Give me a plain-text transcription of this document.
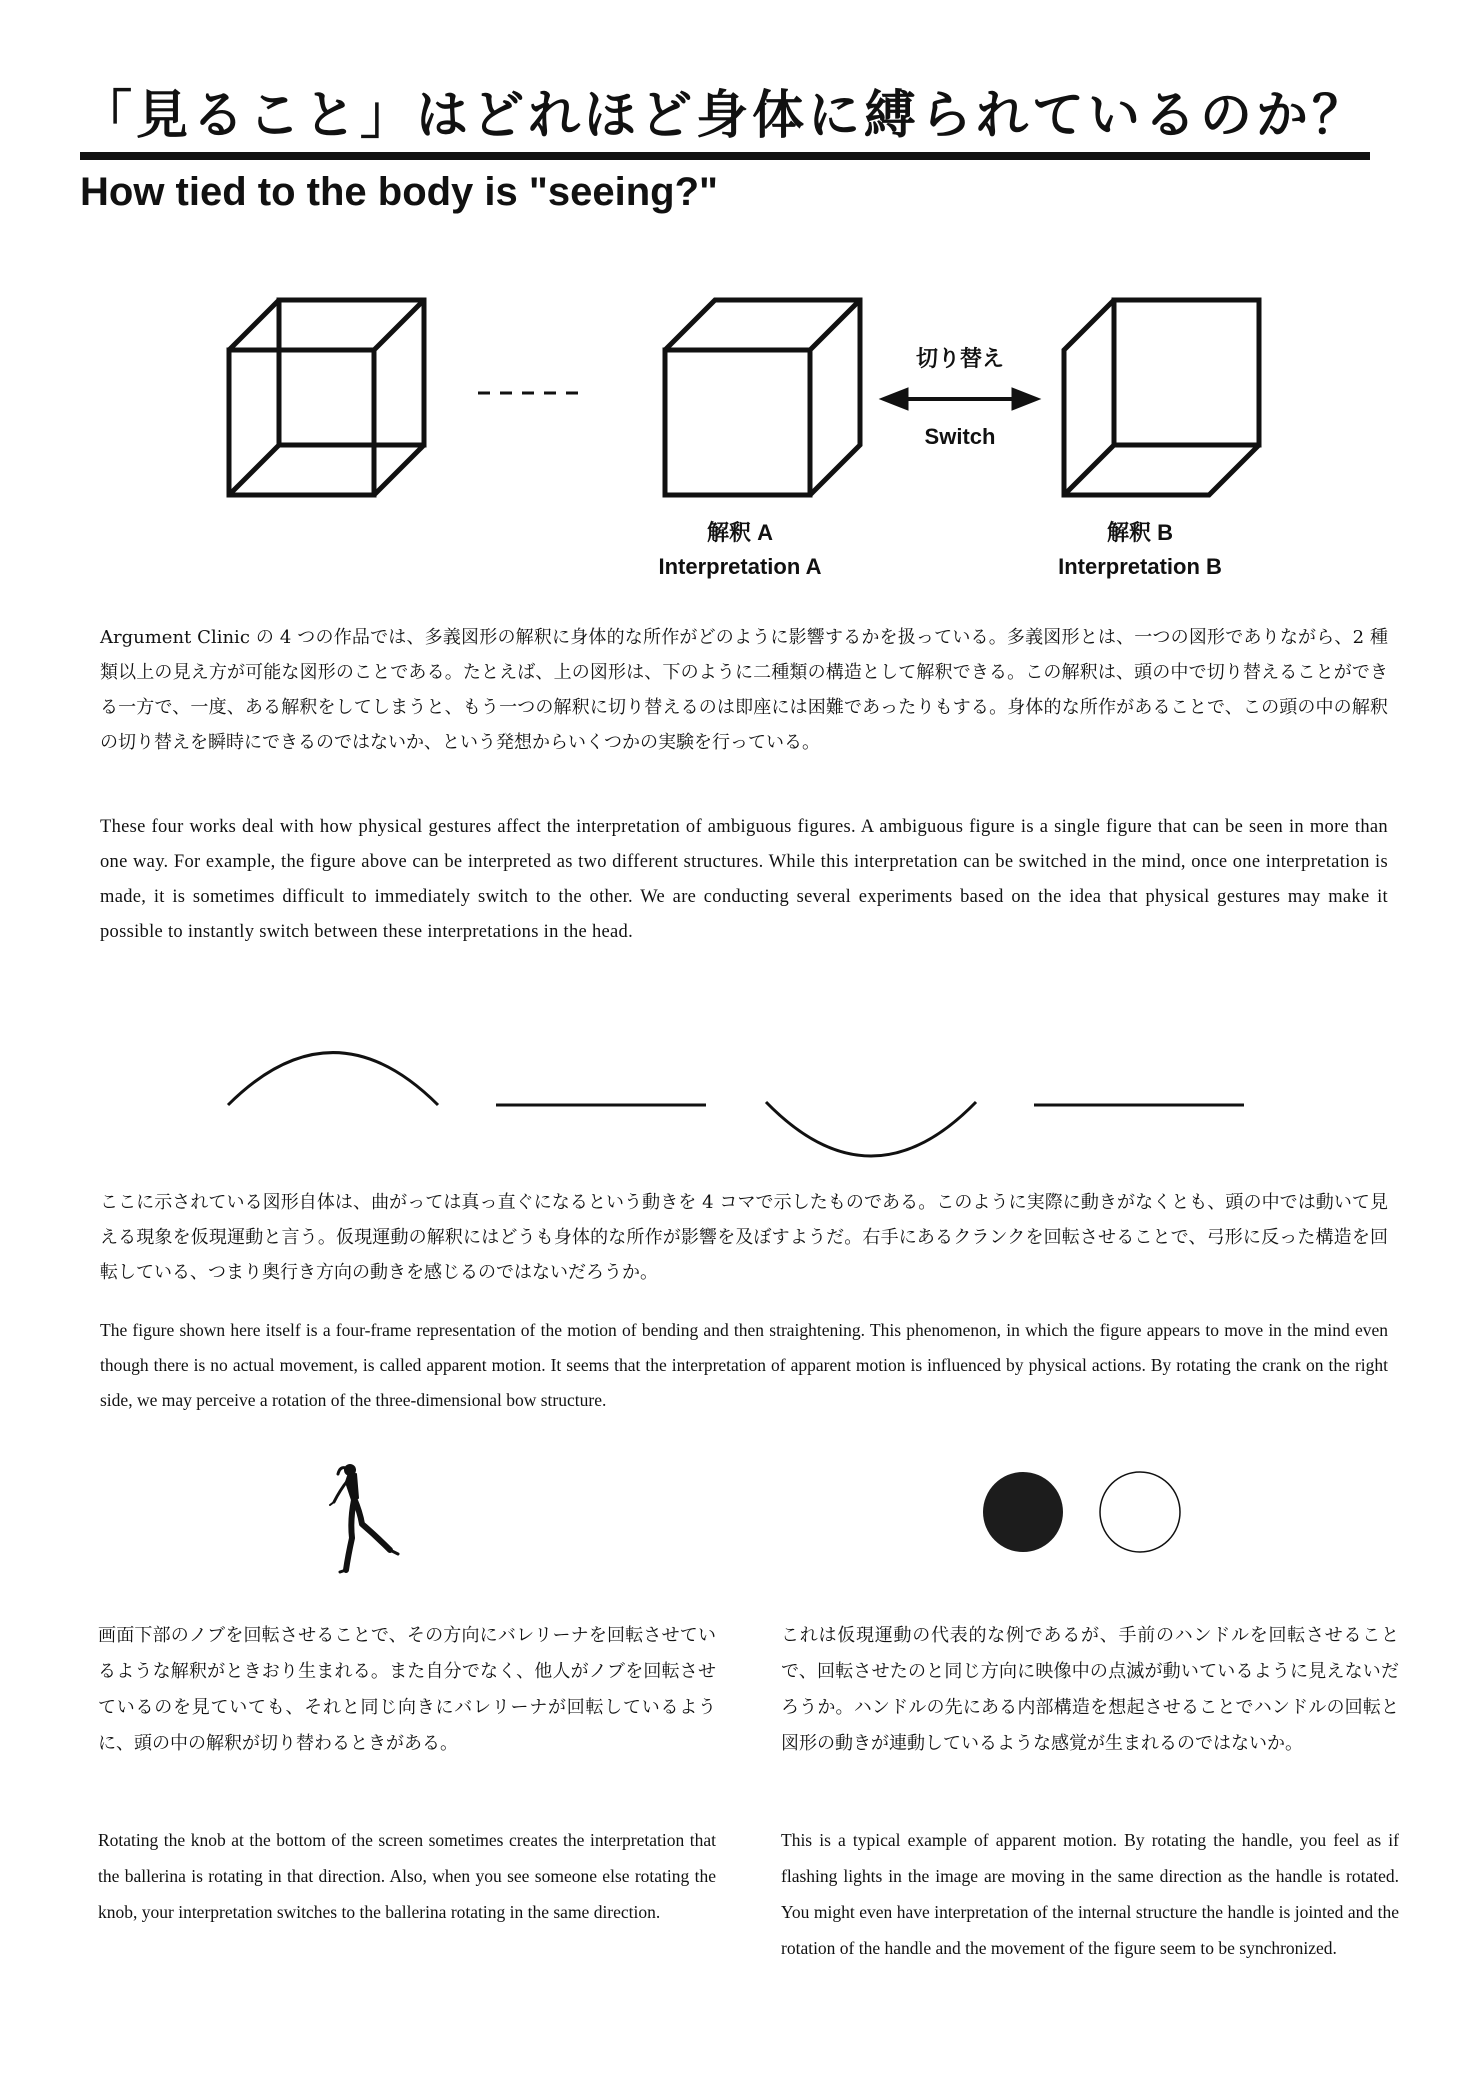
「見ること」はどれほど身体に縛られているのか？
How tied to the body is "seeing?"
切り替え
Switch
解釈 A
Interpretation A
解釈 B
Interpretation B

Argument Clinic の 4 つの作品では、多義図形の解釈に身体的な所作がどのように影響するかを扱っている。多義図形とは、一つの図形でありながら、2 種類以上の見え方が可能な図形のことである。たとえば、上の図形は、下のように二種類の構造として解釈できる。この解釈は、頭の中で切り替えることができる一方で、一度、ある解釈をしてしまうと、もう一つの解釈に切り替えるのは即座には困難であったりもする。身体的な所作があることで、この頭の中の解釈の切り替えを瞬時にできるのではないか、という発想からいくつかの実験を行っている。

These four works deal with how physical gestures affect the interpretation of ambiguous figures. A ambiguous figure is a single figure that can be seen in more than one way. For example, the figure above can be interpreted as two different structures. While this interpretation can be switched in the mind, once one interpretation is made, it is sometimes difficult to immediately switch to the other. We are conducting several experiments based on the idea that physical gestures may make it possible to instantly switch between these interpretations in the head.

ここに示されている図形自体は、曲がっては真っ直ぐになるという動きを 4 コマで示したものである。このように実際に動きがなくとも、頭の中では動いて見える現象を仮現運動と言う。仮現運動の解釈にはどうも身体的な所作が影響を及ぼすようだ。右手にあるクランクを回転させることで、弓形に反った構造を回転している、つまり奥行き方向の動きを感じるのではないだろうか。

The figure shown here itself is a four-frame representation of the motion of bending and then straightening. This phenomenon, in which the figure appears to move in the mind even though there is no actual movement, is called apparent motion. It seems that the interpretation of apparent motion is influenced by physical actions. By rotating the crank on the right side, we may perceive a rotation of the three-dimensional bow structure.

画面下部のノブを回転させることで、その方向にバレリーナを回転させているような解釈がときおり生まれる。また自分でなく、他人がノブを回転させているのを見ていても、それと同じ向きにバレリーナが回転しているように、頭の中の解釈が切り替わるときがある。

Rotating the knob at the bottom of the screen sometimes creates the interpretation that the ballerina is rotating in that direction. Also, when you see someone else rotating the knob, your interpretation switches to the ballerina rotating in the same direction.

これは仮現運動の代表的な例であるが、手前のハンドルを回転させることで、回転させたのと同じ方向に映像中の点滅が動いているように見えないだろうか。ハンドルの先にある内部構造を想起させることでハンドルの回転と図形の動きが連動しているような感覚が生まれるのではないか。

This is a typical example of apparent motion. By rotating the handle, you feel as if flashing lights in the image are moving in the same direction as the handle is rotated. You might even have interpretation of the internal structure the handle is jointed and the rotation of the handle and the movement of the figure seem to be synchronized.
